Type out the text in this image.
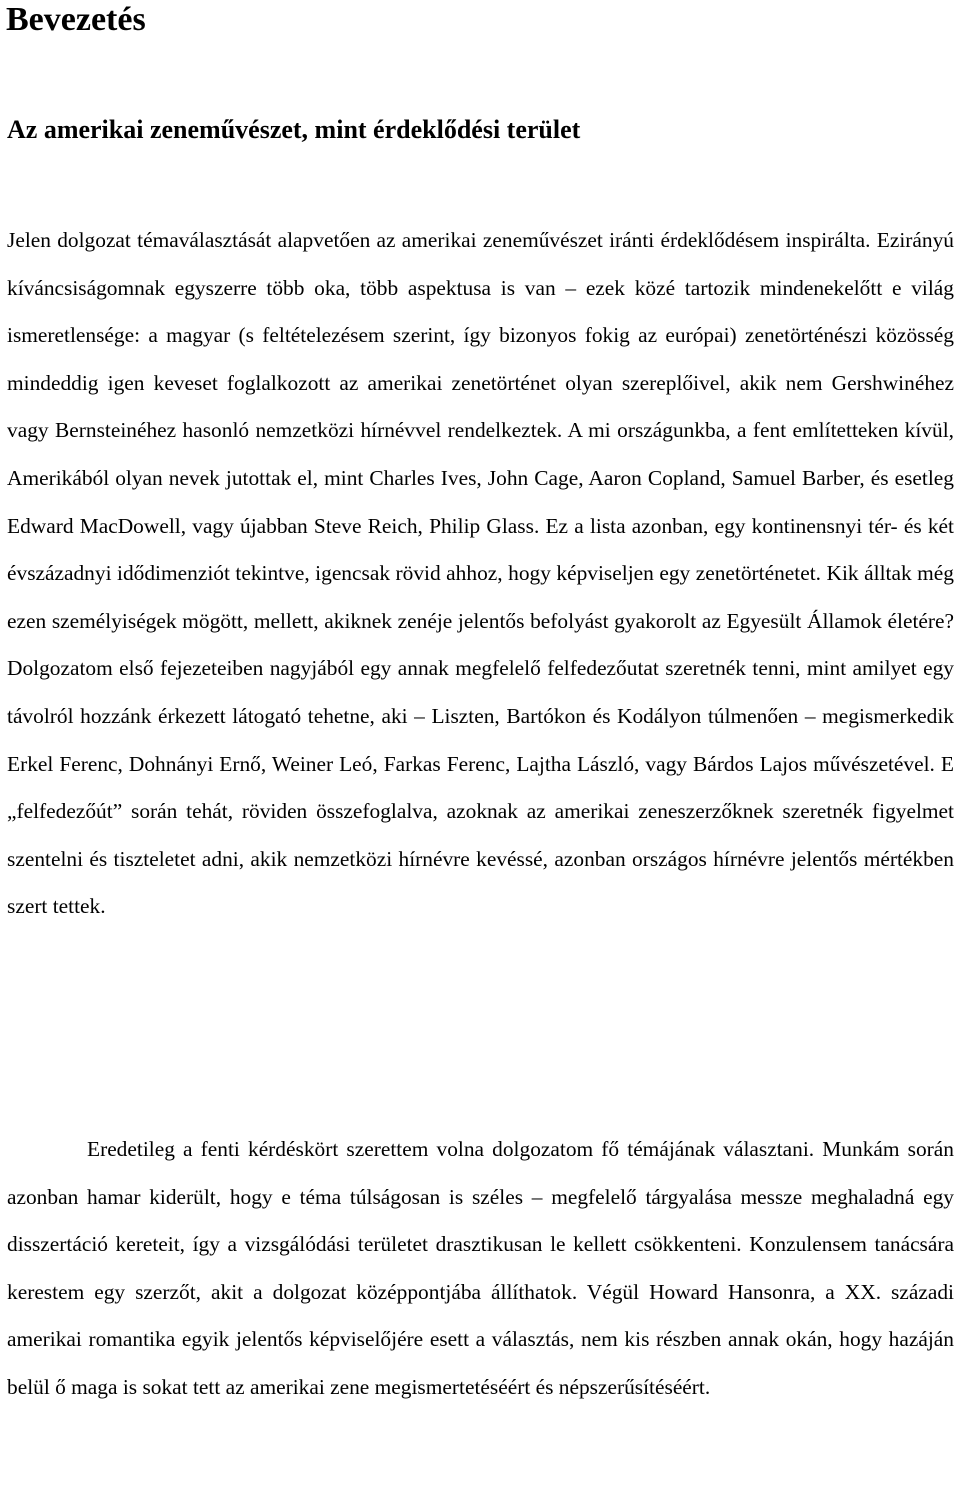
Bevezetés
Az amerikai zeneművészet, mint érdeklődési terület

Jelen dolgozat témaválasztását alapvetően az amerikai zeneművészet iránti érdeklődésem inspirálta. Ezirányú kíváncsiságomnak egyszerre több oka, több aspektusa is van – ezek közé tartozik mindenekelőtt e világ ismeretlensége: a magyar (s feltételezésem szerint, így bizonyos fokig az európai) zenetörténészi közösség mindeddig igen keveset foglalkozott az amerikai zenetörténet olyan szereplőivel, akik nem Gershwinéhez vagy Bernsteinéhez hasonló nemzetközi hírnévvel rendelkeztek. A mi országunkba, a fent említetteken kívül, Amerikából olyan nevek jutottak el, mint Charles Ives, John Cage, Aaron Copland, Samuel Barber, és esetleg Edward MacDowell, vagy újabban Steve Reich, Philip Glass. Ez a lista azonban, egy kontinensnyi tér- és két évszázadnyi idődimenziót tekintve, igencsak rövid ahhoz, hogy képviseljen egy zenetörténetet. Kik álltak még ezen személyiségek mögött, mellett, akiknek zenéje jelentős befolyást gyakorolt az Egyesült Államok életére? Dolgozatom első fejezeteiben nagyjából egy annak megfelelő felfedezőutat szeretnék tenni, mint amilyet egy távolról hozzánk érkezett látogató tehetne, aki – Liszten, Bartókon és Kodályon túlmenően – megismerkedik Erkel Ferenc, Dohnányi Ernő, Weiner Leó, Farkas Ferenc, Lajtha László, vagy Bárdos Lajos művészetével. E „felfedezőút” során tehát, röviden összefoglalva, azoknak az amerikai zeneszerzőknek szeretnék figyelmet szentelni és tiszteletet adni, akik nemzetközi hírnévre kevéssé, azonban országos hírnévre jelentős mértékben szert tettek.

Eredetileg a fenti kérdéskört szerettem volna dolgozatom fő témájának választani. Munkám során azonban hamar kiderült, hogy e téma túlságosan is széles – megfelelő tárgyalása messze meghaladná egy disszertáció kereteit, így a vizsgálódási területet drasztikusan le kellett csökkenteni. Konzulensem tanácsára kerestem egy szerzőt, akit a dolgozat középpontjába állíthatok. Végül Howard Hansonra, a XX. századi amerikai romantika egyik jelentős képviselőjére esett a választás, nem kis részben annak okán, hogy hazáján belül ő maga is sokat tett az amerikai zene megismertetéséért és népszerűsítéséért.
